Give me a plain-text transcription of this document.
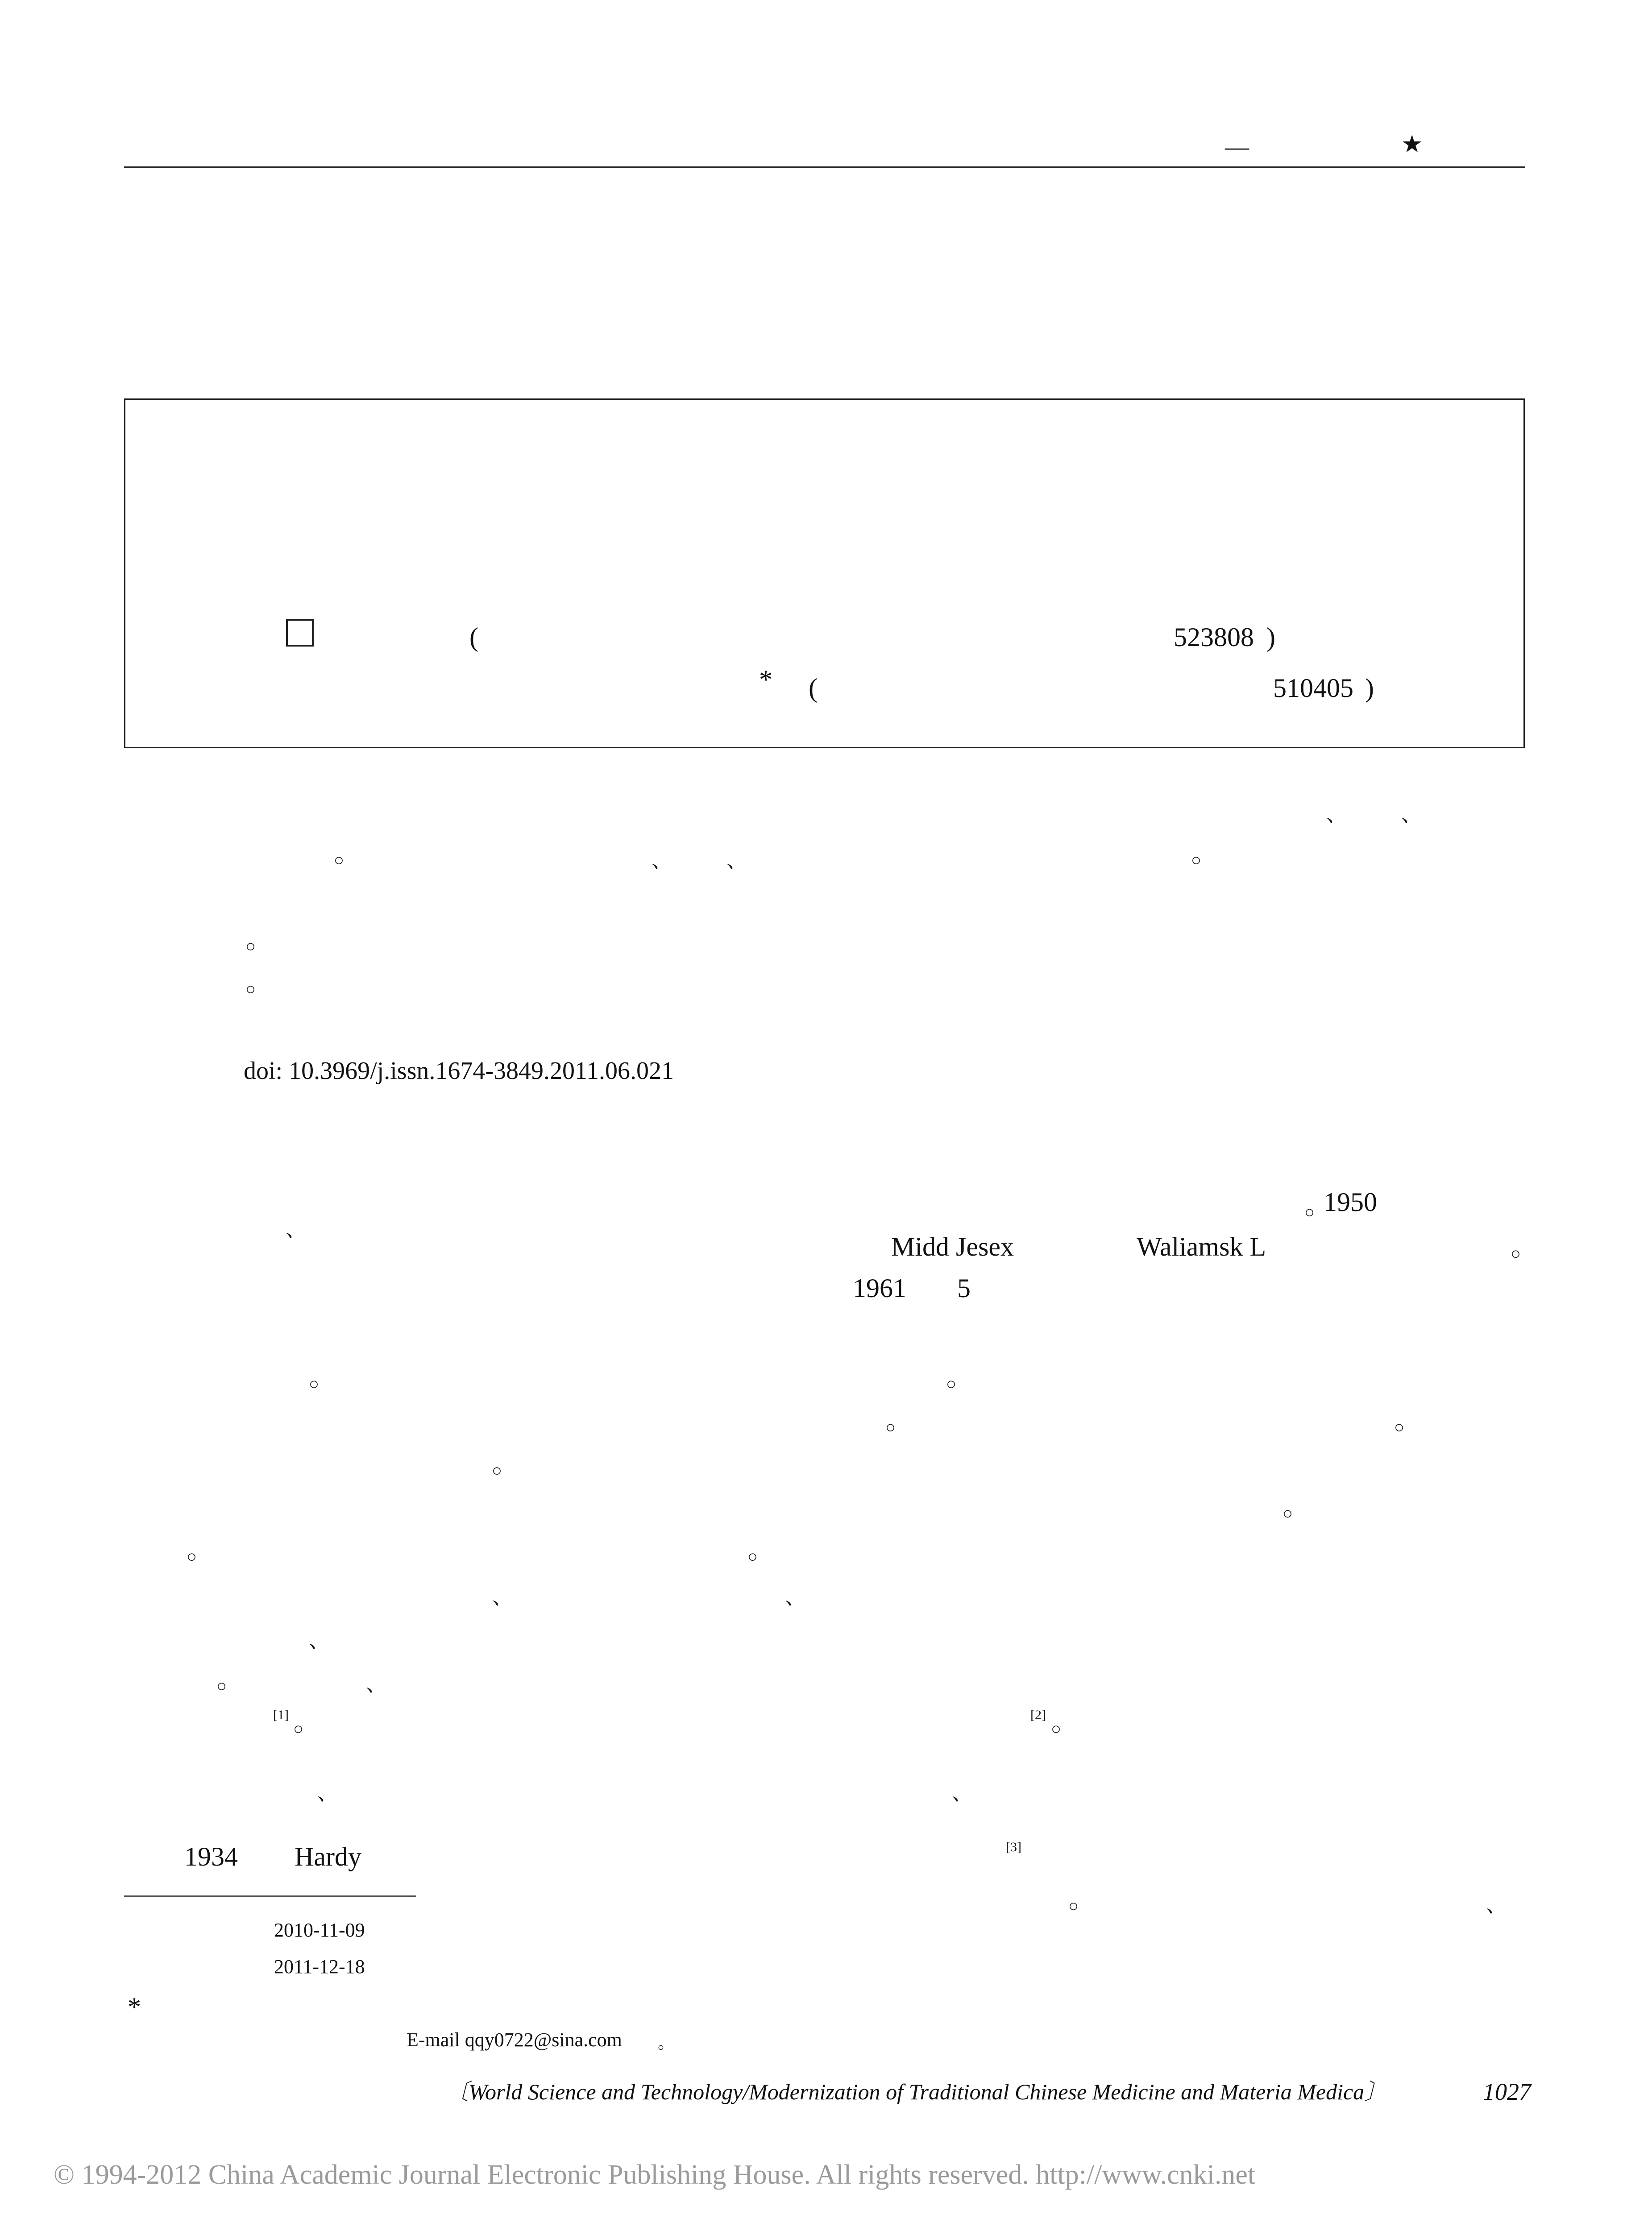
—	★
(	523808 )
* (	510405 )
、	、
○	、	、	○
○
○
doi: 10.3969/j.issn.1674-3849.2011.06.021
○ 1950
、
Midd Jesex	Waliamsk L	○
1961 5
○	○
○	○
○
○
○	○
、	、
、
○	、
[1]
○
[2]
○
、	、
1934 Hardy	[3]
○	、
2010-11-09
2011-12-18
*
E-mail qqy0722@sina.com 。
〔World Science and Technology/Modernization of Traditional Chinese Medicine and Materia Medica〕	1027
© 1994-2012 China Academic Journal Electronic Publishing House. All rights reserved. http://www.cnki.net
